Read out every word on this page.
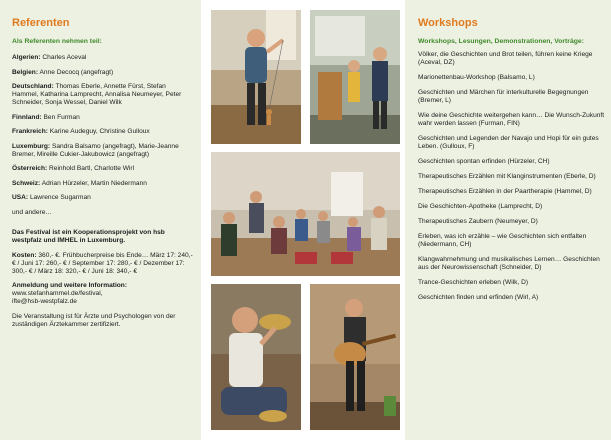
Referenten
Als Referenten nehmen teil:
Algerien: Charles Aceval
Belgien: Anne Decocq (angefragt)
Deutschland: Thomas Eberle, Annette Fürst, Stefan Hammel, Katharina Lamprecht, Annalisa Neumeyer, Peter Schneider, Sonja Wessel, Daniel Wilk
Finnland: Ben Furman
Frankreich: Karine Audeguy, Christine Gulloux
Luxemburg: Sandra Balsamo (angefragt), Marie-Jeanne Bremer, Mireille Cukier-Jakubowicz (angefragt)
Österreich: Reinhold Bartl, Charlotte Wirl
Schweiz: Adrian Hürzeler, Martin Niedermann
USA: Lawrence Sugarman
und andere…
Das Festival ist ein Kooperationsprojekt von hsb westpfalz und IMHEL in Luxemburg.
Kosten: 360,- €. Frühbucherpreise bis Ende… März 17: 240,- € / Juni 17: 260,- € / September 17: 280,- € / Dezember 17: 300,- € / März 18: 320,- € / Juni 18: 340,- €
Anmeldung und weitere Information:
www.stefanhammel.de/festival,
ifte@hsb-westpfalz.de
Die Veranstaltung ist für Ärzte und Psychologen von der zuständigen Ärztekammer zertifiziert.
Workshops
Workshops, Lesungen, Demonstrationen, Vorträge:
Völker, die Geschichten und Brot teilen, führen keine Kriege (Aceval, DZ)
Marionettenbau-Workshop (Balsamo, L)
Geschichten und Märchen für interkulturelle Begegnungen (Bremer, L)
Wie deine Geschichte weitergehen kann… Die Wunsch-Zukunft wahr werden lassen (Furman, FIN)
Geschichten und Legenden der Navajo und Hopi für ein gutes Leben. (Gulloux, F)
Geschichten spontan erfinden (Hürzeler, CH)
Therapeutisches Erzählen mit Klanginstrumenten (Eberle, D)
Therapeutisches Erzählen in der Paartherapie (Hammel, D)
Die Geschichten-Apotheke (Lamprecht, D)
Therapeutisches Zaubern (Neumeyer, D)
Erleben, was ich erzähle – wie Geschichten sich entfalten (Niedermann, CH)
Klangwahrnehmung und musikalisches Lernen… Geschichten aus der Neurowissenschaft (Schneider, D)
Trance-Geschichten erleben (Wilk, D)
Geschichten finden und erfinden (Wirl, A)
